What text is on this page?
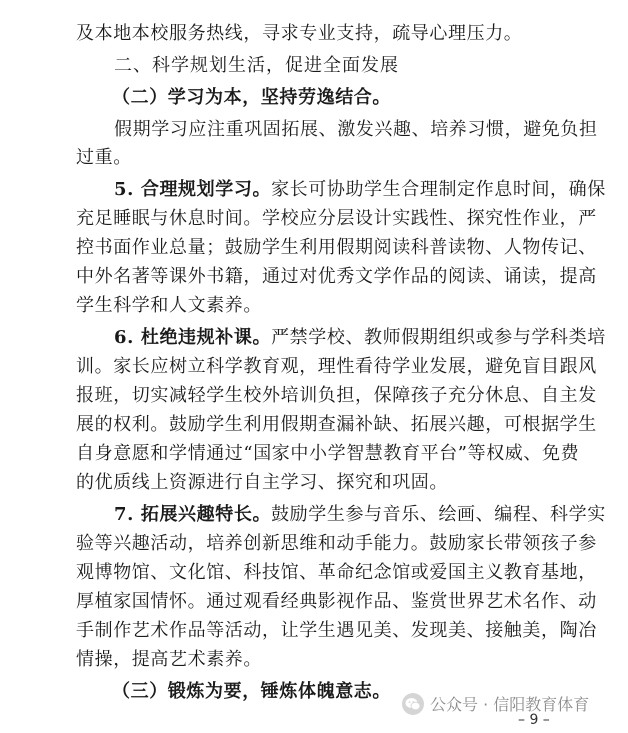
及本地本校服务热线，寻求专业支持，疏导心理压力。
二、科学规划生活，促进全面发展
（二）学习为本，坚持劳逸结合。
假期学习应注重巩固拓展、激发兴趣、培养习惯，避免负担
过重。
5. 合理规划学习。家长可协助学生合理制定作息时间，确保
充足睡眠与休息时间。学校应分层设计实践性、探究性作业，严
控书面作业总量；鼓励学生利用假期阅读科普读物、人物传记、
中外名著等课外书籍，通过对优秀文学作品的阅读、诵读，提高
学生科学和人文素养。
6. 杜绝违规补课。严禁学校、教师假期组织或参与学科类培
训。家长应树立科学教育观，理性看待学业发展，避免盲目跟风
报班，切实减轻学生校外培训负担，保障孩子充分休息、自主发
展的权利。鼓励学生利用假期查漏补缺、拓展兴趣，可根据学生
自身意愿和学情通过“国家中小学智慧教育平台”等权威、免费
的优质线上资源进行自主学习、探究和巩固。
7. 拓展兴趣特长。鼓励学生参与音乐、绘画、编程、科学实
验等兴趣活动，培养创新思维和动手能力。鼓励家长带领孩子参
观博物馆、文化馆、科技馆、革命纪念馆或爱国主义教育基地，
厚植家国情怀。通过观看经典影视作品、鉴赏世界艺术名作、动
手制作艺术作品等活动，让学生遇见美、发现美、接触美，陶冶
情操，提高艺术素养。
（三）锻炼为要，锤炼体魄意志。
公众号 · 信阳教育体育
– 9 –
